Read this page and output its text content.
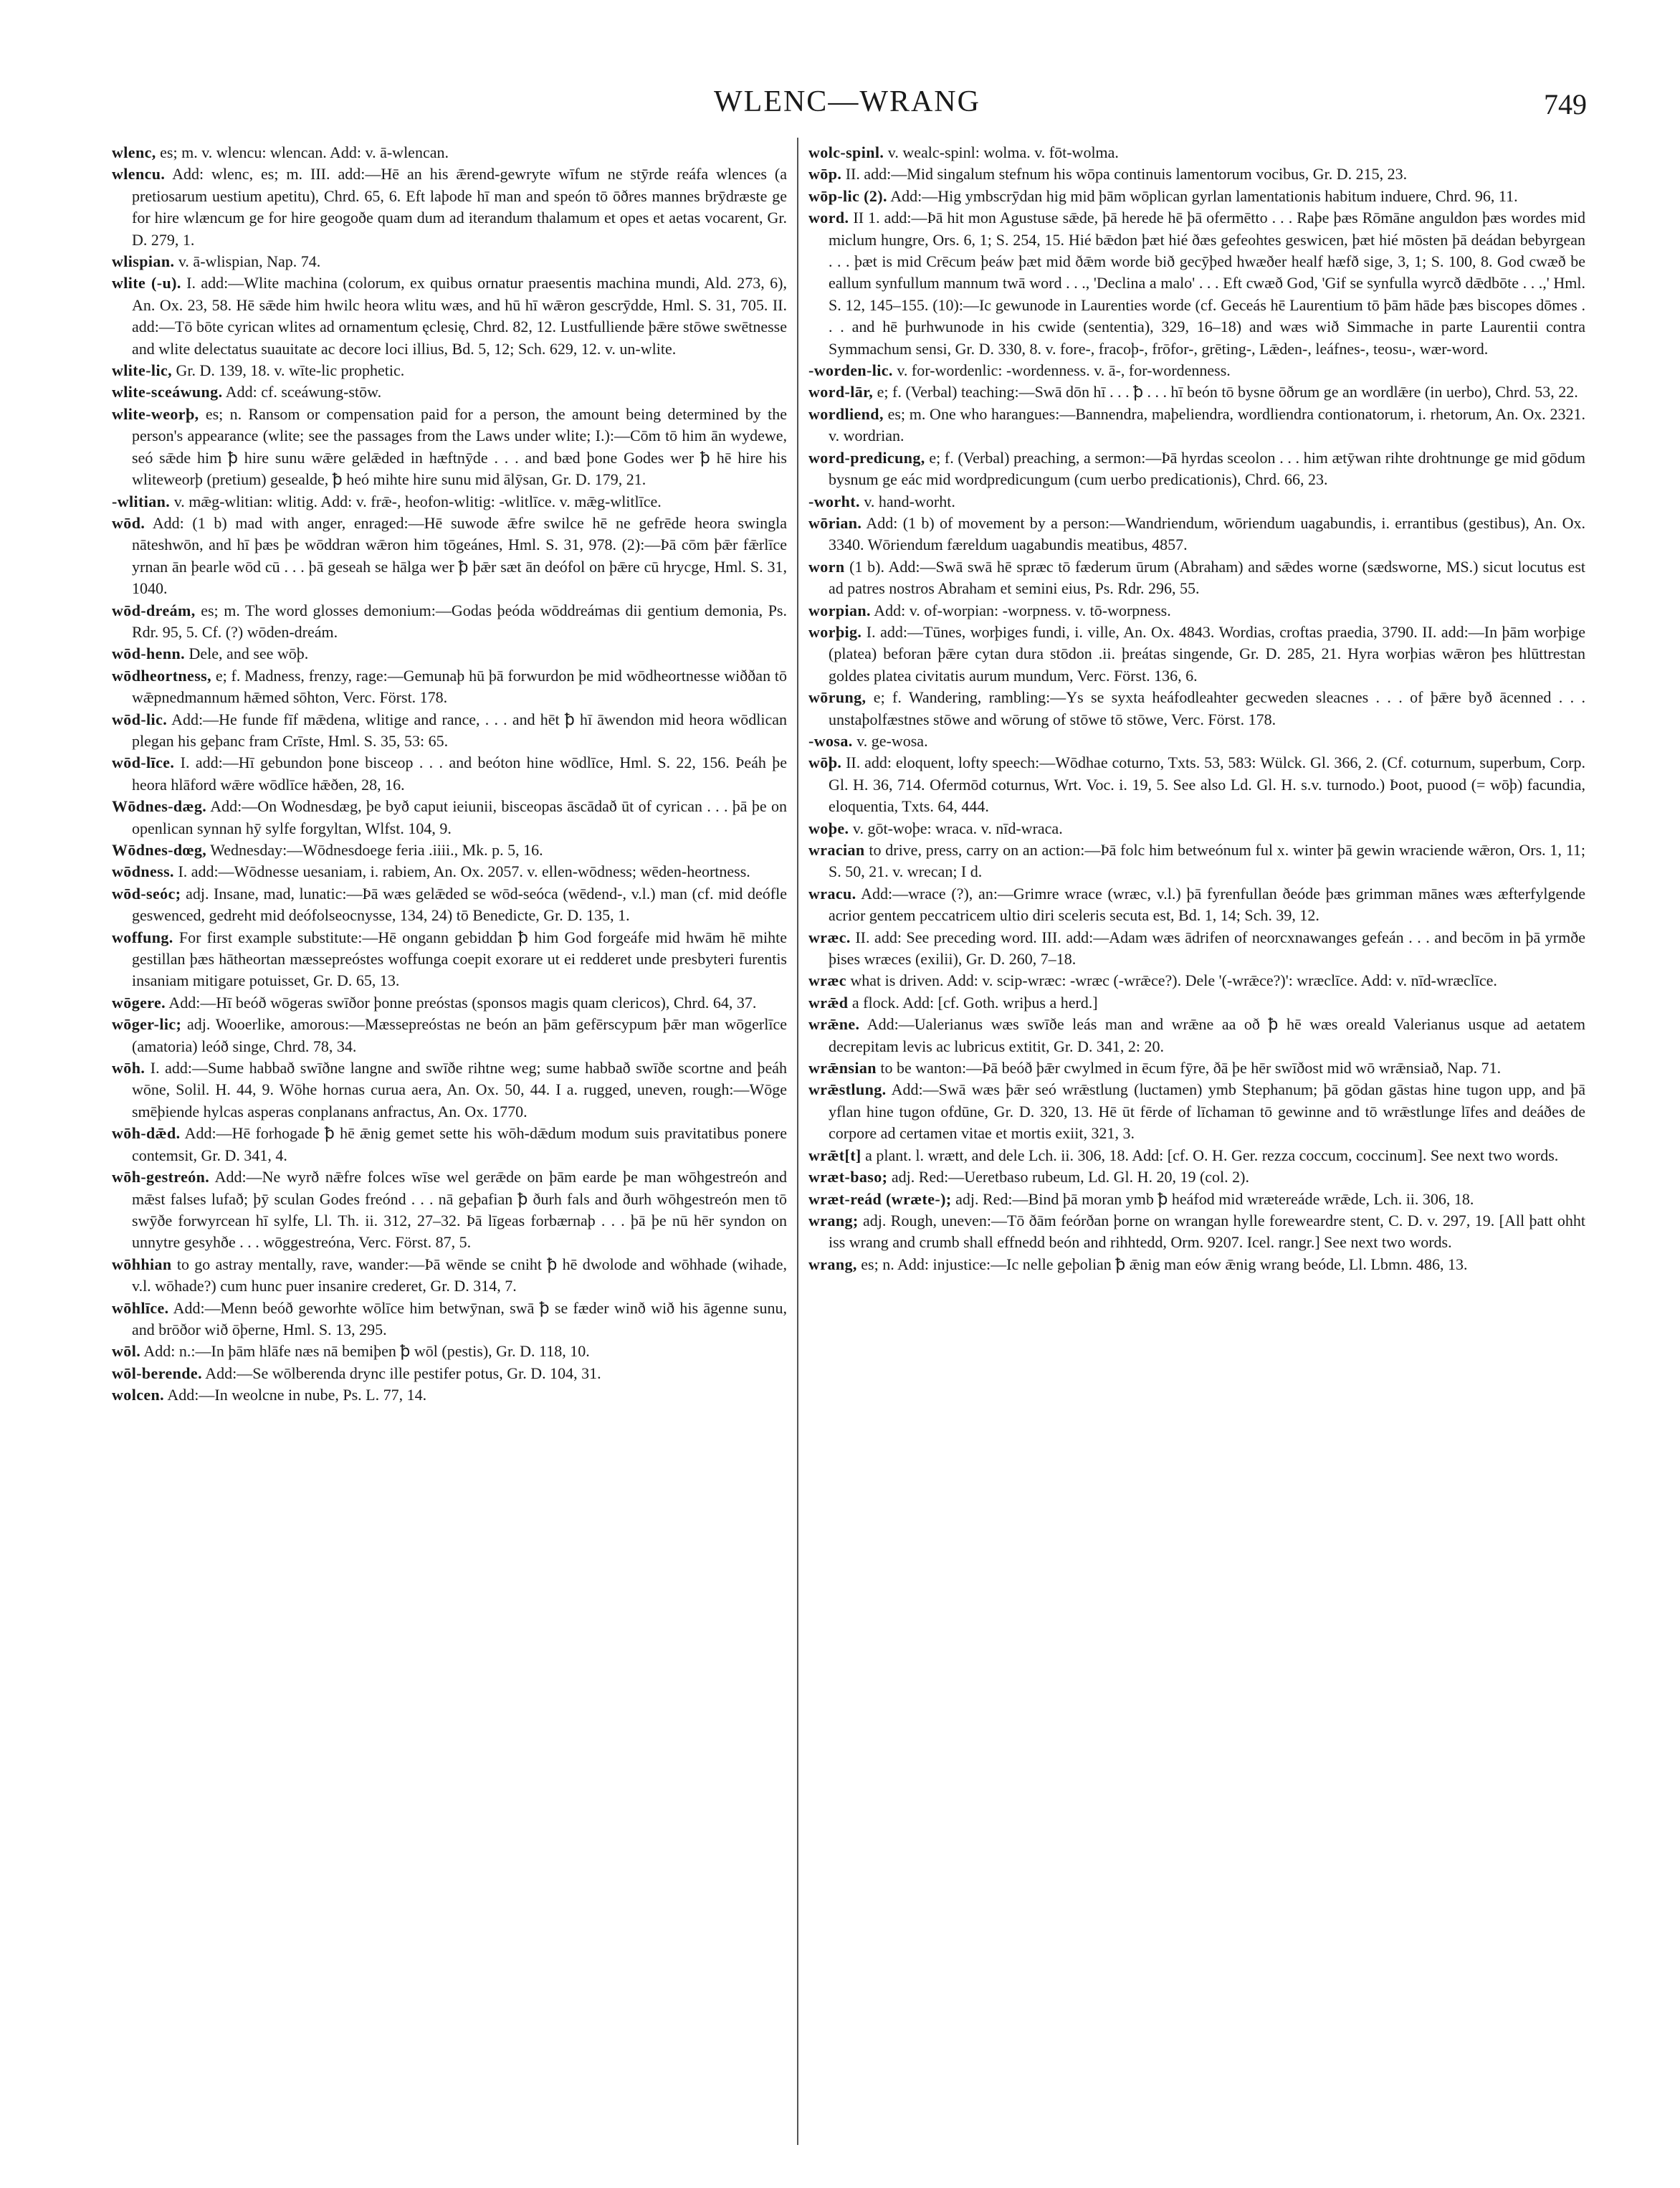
WLENC—WRANG	749

wlenc, es; m. v. wlencu: wlencan. Add: v. ā-wlencan.

wlencu. Add: wlenc, es; m. III. add:—Hē an his ǣrend-gewryte wīfum ne stȳrde reáfa wlences (a pretiosarum uestium apetitu), Chrd. 65, 6. Eft laþode hī man and speón tō ōðres mannes brȳdræste ge for hire wlæncum ge for hire geogoðe quam dum ad iterandum thalamum et opes et aetas vocarent, Gr. D. 279, 1.

wlispian. v. ā-wlispian, Nap. 74.

wlite (-u). I. add:—Wlite machina (colorum, ex quibus ornatur praesentis machina mundi, Ald. 273, 6), An. Ox. 23, 58. Hē sǣde him hwilc heora wlitu wæs, and hū hī wǣron gescrȳdde, Hml. S. 31, 705. II. add:—Tō bōte cyrican wlites ad ornamentum ęclesię, Chrd. 82, 12. Lustfulliende þǣre stōwe swētnesse and wlite delectatus suauitate ac decore loci illius, Bd. 5, 12; Sch. 629, 12. v. un-wlite.

wlite-lic, Gr. D. 139, 18. v. wīte-lic prophetic.

wlite-sceáwung. Add: cf. sceáwung-stōw.

wlite-weorþ, es; n. Ransom or compensation paid for a person, the amount being determined by the person's appearance (wlite; see the passages from the Laws under wlite; I.):—Cōm tō him ān wydewe, seó sǣde him ꝥ hire sunu wǣre gelǣded in hæftnȳde . . . and bæd þone Godes wer ꝥ hē hire his wliteweorþ (pretium) gesealde, ꝥ heó mihte hire sunu mid ālȳsan, Gr. D. 179, 21.

-wlitian. v. mǣg-wlitian: wlitig. Add: v. frǣ-, heofon-wlitig: -wlitlīce. v. mǣg-wlitlīce.

wōd. Add: (1 b) mad with anger, enraged:—Hē suwode ǣfre swilce hē ne gefrēde heora swingla nāteshwōn, and hī þæs þe wōddran wǣron him tōgeánes, Hml. S. 31, 978. (2):—Þā cōm þǣr fǣrlīce yrnan ān þearle wōd cū . . . þā geseah se hālga wer ꝥ þǣr sæt ān deófol on þǣre cū hrycge, Hml. S. 31, 1040.

wōd-dreám, es; m. The word glosses demonium:—Godas þeóda wōddreámas dii gentium demonia, Ps. Rdr. 95, 5. Cf. (?) wōden-dreám.

wōd-henn. Dele, and see wōþ.

wōdheortness, e; f. Madness, frenzy, rage:—Gemunaþ hū þā forwurdon þe mid wōdheortnesse wiððan tō wǣpnedmannum hǣmed sōhton, Verc. Först. 178.

wōd-lic. Add:—He funde fīf mǣdena, wlitige and rance, . . . and hēt ꝥ hī āwendon mid heora wōdlican plegan his geþanc fram Crīste, Hml. S. 35, 53: 65.

wōd-līce. I. add:—Hī gebundon þone bisceop . . . and beóton hine wōdlīce, Hml. S. 22, 156. Þeáh þe heora hlāford wǣre wōdlīce hǣðen, 28, 16.

Wōdnes-dæg. Add:—On Wodnesdæg, þe byð caput ieiunii, bisceopas āscādað ūt of cyrican . . . þā þe on openlican synnan hȳ sylfe forgyltan, Wlfst. 104, 9.

Wōdnes-dœg, Wednesday:—Wōdnesdoege feria .iiii., Mk. p. 5, 16.

wōdness. I. add:—Wōdnesse uesaniam, i. rabiem, An. Ox. 2057. v. ellen-wōdness; wēden-heortness.

wōd-seóc; adj. Insane, mad, lunatic:—Þā wæs gelǣded se wōd-seóca (wēdend-, v.l.) man (cf. mid deófle geswenced, gedreht mid deófolseocnysse, 134, 24) tō Benedicte, Gr. D. 135, 1.

woffung. For first example substitute:—Hē ongann gebiddan ꝥ him God forgeáfe mid hwām hē mihte gestillan þæs hātheortan mæssepreóstes woffunga coepit exorare ut ei redderet unde presbyteri furentis insaniam mitigare potuisset, Gr. D. 65, 13.

wōgere. Add:—Hī beóð wōgeras swīðor þonne preóstas (sponsos magis quam clericos), Chrd. 64, 37.

wōger-lic; adj. Wooerlike, amorous:—Mæssepreóstas ne beón an þām gefērscypum þǣr man wōgerlīce (amatoria) leóð singe, Chrd. 78, 34.

wōh. I. add:—Sume habbað swīðne langne and swīðe rihtne weg; sume habbað swīðe scortne and þeáh wōne, Solil. H. 44, 9. Wōhe hornas curua aera, An. Ox. 50, 44. I a. rugged, uneven, rough:—Wōge smēþiende hylcas asperas conplanans anfractus, An. Ox. 1770.

wōh-dǣd. Add:—Hē forhogade ꝥ hē ǣnig gemet sette his wōh-dǣdum modum suis pravitatibus ponere contemsit, Gr. D. 341, 4.

wōh-gestreón. Add:—Ne wyrð nǣfre folces wīse wel gerǣde on þām earde þe man wōhgestreón and mǣst falses lufað; þȳ sculan Godes freónd . . . nā geþafian ꝥ ðurh fals and ðurh wōhgestreón men tō swȳðe forwyrcean hī sylfe, Ll. Th. ii. 312, 27–32. Þā līgeas forbærnaþ . . . þā þe nū hēr syndon on unnytre gesyhðe . . . wōggestreóna, Verc. Först. 87, 5.

wōhhian to go astray mentally, rave, wander:—Þā wēnde se cniht ꝥ hē dwolode and wōhhade (wihade, v.l. wōhade?) cum hunc puer insanire crederet, Gr. D. 314, 7.

wōhlīce. Add:—Menn beóð geworhte wōlīce him betwȳnan, swā ꝥ se fæder winð wið his āgenne sunu, and brōðor wið ōþerne, Hml. S. 13, 295.

wōl. Add: n.:—In þām hlāfe næs nā bemiþen ꝥ wōl (pestis), Gr. D. 118, 10.

wōl-berende. Add:—Se wōlberenda drync ille pestifer potus, Gr. D. 104, 31.

wolcen. Add:—In weolcne in nube, Ps. L. 77, 14.

wolc-spinl. v. wealc-spinl: wolma. v. fōt-wolma.

wōp. II. add:—Mid singalum stefnum his wōpa continuis lamentorum vocibus, Gr. D. 215, 23.

wōp-lic (2). Add:—Hig ymbscrȳdan hig mid þām wōplican gyrlan lamentationis habitum induere, Chrd. 96, 11.

word. II 1. add:—Þā hit mon Agustuse sǣde, þā herede hē þā ofermētto . . . Raþe þæs Rōmāne anguldon þæs wordes mid miclum hungre, Ors. 6, 1; S. 254, 15. Hié bǣdon þæt hié ðæs gefeohtes geswicen, þæt hié mōsten þā deádan bebyrgean . . . þæt is mid Crēcum þeáw þæt mid ðǣm worde bið gecȳþed hwæðer healf hæfð sige, 3, 1; S. 100, 8. God cwæð be eallum synfullum mannum twā word . . ., 'Declina a malo' . . . Eft cwæð God, 'Gif se synfulla wyrcð dǣdbōte . . .,' Hml. S. 12, 145–155. (10):—Ic gewunode in Laurenties worde (cf. Geceás hē Laurentium tō þām hāde þæs biscopes dōmes . . . and hē þurhwunode in his cwide (sententia), 329, 16–18) and wæs wið Simmache in parte Laurentii contra Symmachum sensi, Gr. D. 330, 8. v. fore-, fracoþ-, frōfor-, grēting-, Lǣden-, leáfnes-, teosu-, wær-word.

-worden-lic. v. for-wordenlic: -wordenness. v. ā-, for-wordenness.

word-lār, e; f. (Verbal) teaching:—Swā dōn hī . . . ꝥ . . . hī beón tō bysne ōðrum ge an wordlǣre (in uerbo), Chrd. 53, 22.

wordliend, es; m. One who harangues:—Bannendra, maþeliendra, wordliendra contionatorum, i. rhetorum, An. Ox. 2321. v. wordrian.

word-predicung, e; f. (Verbal) preaching, a sermon:—Þā hyrdas sceolon . . . him ætȳwan rihte drohtnunge ge mid gōdum bysnum ge eác mid wordpredicungum (cum uerbo predicationis), Chrd. 66, 23.

-worht. v. hand-worht.

wōrian. Add: (1 b) of movement by a person:—Wandriendum, wōriendum uagabundis, i. errantibus (gestibus), An. Ox. 3340. Wōriendum færeldum uagabundis meatibus, 4857.

worn (1 b). Add:—Swā swā hē spræc tō fæderum ūrum (Abraham) and sǣdes worne (sædsworne, MS.) sicut locutus est ad patres nostros Abraham et semini eius, Ps. Rdr. 296, 55.

worpian. Add: v. of-worpian: -worpness. v. tō-worpness.

worþig. I. add:—Tūnes, worþiges fundi, i. ville, An. Ox. 4843. Wordias, croftas praedia, 3790. II. add:—In þām worþige (platea) beforan þǣre cytan dura stōdon .ii. þreátas singende, Gr. D. 285, 21. Hyra worþias wǣron þes hlūttrestan goldes platea civitatis aurum mundum, Verc. Först. 136, 6.

wōrung, e; f. Wandering, rambling:—Ys se syxta heáfodleahter gecweden sleacnes . . . of þǣre byð ācenned . . . unstaþolfæstnes stōwe and wōrung of stōwe tō stōwe, Verc. Först. 178.

-wosa. v. ge-wosa.

wōþ. II. add: eloquent, lofty speech:—Wōdhae coturno, Txts. 53, 583: Wülck. Gl. 366, 2. (Cf. coturnum, superbum, Corp. Gl. H. 36, 714. Ofermōd coturnus, Wrt. Voc. i. 19, 5. See also Ld. Gl. H. s.v. turnodo.) Þoot, puood (= wōþ) facundia, eloquentia, Txts. 64, 444.

woþe. v. gōt-woþe: wraca. v. nīd-wraca.

wracian to drive, press, carry on an action:—Þā folc him betweónum ful x. winter þā gewin wraciende wǣron, Ors. 1, 11; S. 50, 21. v. wrecan; I d.

wracu. Add:—wrace (?), an:—Grimre wrace (wræc, v.l.) þā fyrenfullan ðeóde þæs grimman mānes wæs æfterfylgende acrior gentem peccatricem ultio diri sceleris secuta est, Bd. 1, 14; Sch. 39, 12.

wræc. II. add: See preceding word. III. add:—Adam wæs ādrifen of neorcxnawanges gefeán . . . and becōm in þā yrmðe þises wræces (exilii), Gr. D. 260, 7–18.

wræc what is driven. Add: v. scip-wræc: -wræc (-wrǣce?). Dele '(-wrǣce?)': wræclīce. Add: v. nīd-wræclīce.

wrǣd a flock. Add: [cf. Goth. wriþus a herd.]

wrǣne. Add:—Ualerianus wæs swīðe leás man and wrǣne aa oð ꝥ hē wæs oreald Valerianus usque ad aetatem decrepitam levis ac lubricus extitit, Gr. D. 341, 2: 20.

wrǣnsian to be wanton:—Þā beóð þǣr cwylmed in ēcum fȳre, ðā þe hēr swīðost mid wō wrǣnsiað, Nap. 71.

wrǣstlung. Add:—Swā wæs þǣr seó wrǣstlung (luctamen) ymb Stephanum; þā gōdan gāstas hine tugon upp, and þā yflan hine tugon ofdūne, Gr. D. 320, 13. Hē ūt fērde of līchaman tō gewinne and tō wrǣstlunge līfes and deáðes de corpore ad certamen vitae et mortis exiit, 321, 3.

wrǣt[t] a plant. l. wrætt, and dele Lch. ii. 306, 18. Add: [cf. O. H. Ger. rezza coccum, coccinum]. See next two words.

wræt-baso; adj. Red:—Ueretbaso rubeum, Ld. Gl. H. 20, 19 (col. 2).

wræt-reád (wræte-); adj. Red:—Bind þā moran ymb ꝥ heáfod mid wrætereáde wrǣde, Lch. ii. 306, 18.

wrang; adj. Rough, uneven:—Tō ðām feórðan þorne on wrangan hylle foreweardre stent, C. D. v. 297, 19. [All þatt ohht iss wrang and crumb shall effnedd beón and rihhtedd, Orm. 9207. Icel. rangr.] See next two words.

wrang, es; n. Add: injustice:—Ic nelle geþolian ꝥ ǣnig man eów ǣnig wrang beóde, Ll. Lbmn. 486, 13.
